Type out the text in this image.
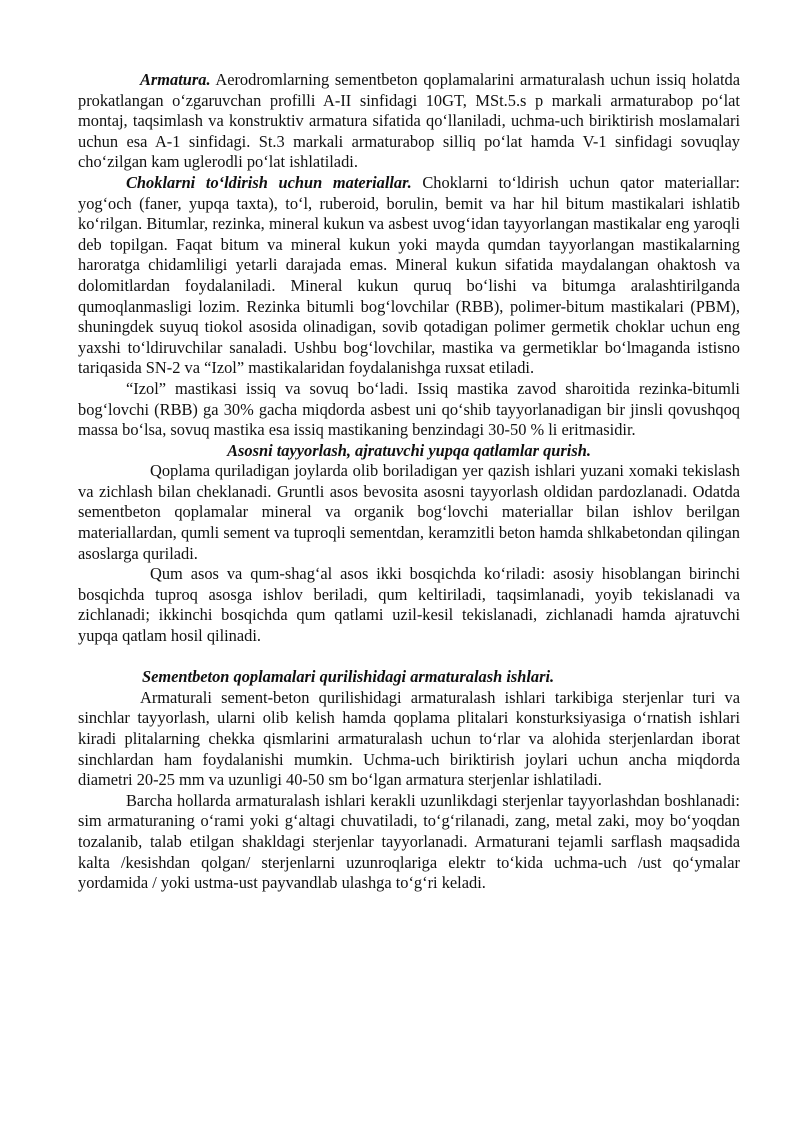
Armatura. Aerodromlarning sementbeton qoplamalarini armaturalash uchun issiq holatda prokatlangan o‘zgaruvchan profilli A-II sinfidagi 10GT, MSt.5.s p markali armaturabop po‘lat montaj, taqsimlash va konstruktiv armatura sifatida qo‘llaniladi, uchma-uch biriktirish moslamalari uchun esa A-1 sinfidagi. St.3 markali armaturabop silliq po‘lat hamda V-1 sinfidagi sovuqlay cho‘zilgan kam uglerodli po‘lat ishlatiladi.

Choklarni to‘ldirish uchun materiallar. Choklarni to‘ldirish uchun qator materiallar: yog‘och (faner, yupqa taxta), to‘l, ruberoid, borulin, bemit va har hil bitum mastikalari ishlatib ko‘rilgan. Bitumlar, rezinka, mineral kukun va asbest uvog‘idan tayyorlangan mastikalar eng yaroqli deb topilgan. Faqat bitum va mineral kukun yoki mayda qumdan tayyorlangan mastikalarning haroratga chidamliligi yetarli darajada emas. Mineral kukun sifatida maydalangan ohaktosh va dolomitlardan foydalaniladi. Mineral kukun quruq bo‘lishi va bitumga aralashtirilganda qumoqlanmasligi lozim. Rezinka bitumli bog‘lovchilar (RBB), polimer-bitum mastikalari (PBM), shuningdek suyuq tiokol asosida olinadigan, sovib qotadigan polimer germetik choklar uchun eng yaxshi to‘ldiruvchilar sanaladi. Ushbu bog‘lovchilar, mastika va germetiklar bo‘lmaganda istisno tariqasida SN-2 va “Izol” mastikalaridan foydalanishga ruxsat etiladi.

“Izol” mastikasi issiq va sovuq bo‘ladi. Issiq mastika zavod sharoitida rezinka-bitumli bog‘lovchi (RBB) ga 30% gacha miqdorda asbest uni qo‘shib tayyorlanadigan bir jinsli qovushqoq massa bo‘lsa, sovuq mastika esa issiq mastikaning benzindagi 30-50 % li eritmasidir.

Asosni tayyorlash, ajratuvchi yupqa qatlamlar qurish.

Qoplama quriladigan joylarda olib boriladigan yer qazish ishlari yuzani xomaki tekislash va zichlash bilan cheklanadi. Gruntli asos bevosita asosni tayyorlash oldidan pardozlanadi. Odatda sementbeton qoplamalar mineral va organik bog‘lovchi materiallar bilan ishlov berilgan materiallardan, qumli sement va tuproqli sementdan, keramzitli beton hamda shlkabetondan qilingan asoslarga quriladi.

Qum asos va qum-shag‘al asos ikki bosqichda ko‘riladi: asosiy hisoblangan birinchi bosqichda tuproq asosga ishlov beriladi, qum keltiriladi, taqsimlanadi, yoyib tekislanadi va zichlanadi; ikkinchi bosqichda qum qatlami uzil-kesil tekislanadi, zichlanadi hamda ajratuvchi yupqa qatlam hosil qilinadi.

Sementbeton qoplamalari qurilishidagi armaturalash ishlari.

Armaturali sement-beton qurilishidagi armaturalash ishlari tarkibiga sterjenlar turi va sinchlar tayyorlash, ularni olib kelish hamda qoplama plitalari konsturksiyasiga o‘rnatish ishlari kiradi plitalarning chekka qismlarini armaturalash uchun to‘rlar va alohida sterjenlardan iborat sinchlardan ham foydalanishi mumkin. Uchma-uch biriktirish joylari uchun ancha miqdorda diametri 20-25 mm va uzunligi 40-50 sm bo‘lgan armatura sterjenlar ishlatiladi.

Barcha hollarda armaturalash ishlari kerakli uzunlikdagi sterjenlar tayyorlashdan boshlanadi: sim armaturaning o‘rami yoki g‘altagi chuvatiladi, to‘g‘rilanadi, zang, metal zaki, moy bo‘yoqdan tozalanib, talab etilgan shakldagi sterjenlar tayyorlanadi. Armaturani tejamli sarflash maqsadida kalta /kesishdan qolgan/ sterjenlarni uzunroqlariga elektr to‘kida uchma-uch /ust qo‘ymalar yordamida / yoki ustma-ust payvandlab ulashga to‘g‘ri keladi.
